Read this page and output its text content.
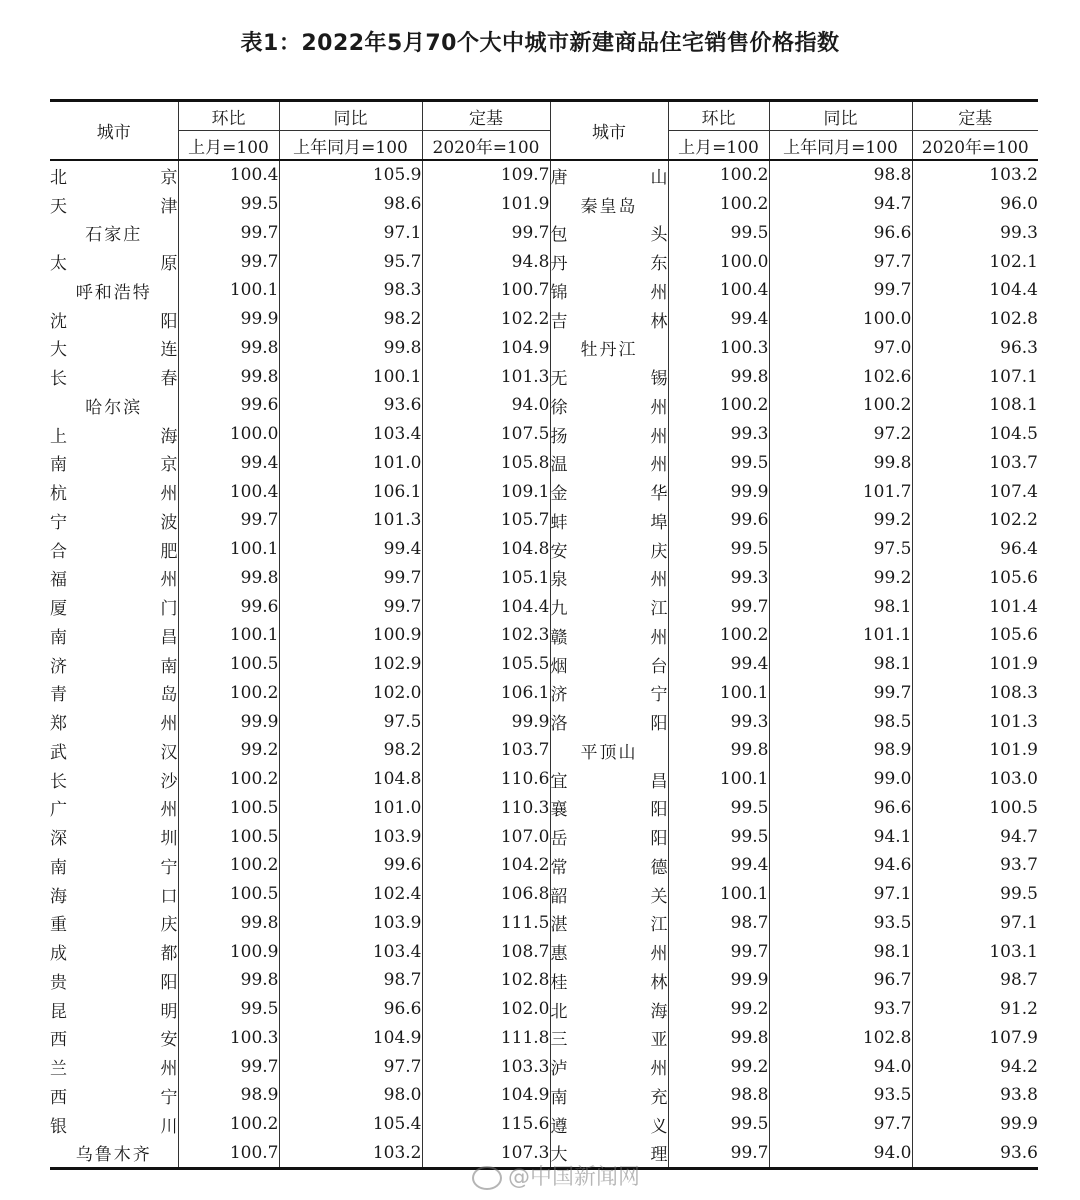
表1：2022年5月70个大中城市新建商品住宅销售价格指数
城市	环比	同比	定基	城市	环比	同比	定基
	上月=100	上年同月=100	2020年=100		上月=100	上年同月=100	2020年=100

北 京	100.4	105.9	109.7	唐 山	100.2	98.8	103.2

天 津	99.5	98.6	101.9	秦皇岛	100.2	94.7	96.0

石家庄	99.7	97.1	99.7	包 头	99.5	96.6	99.3

太 原	99.7	95.7	94.8	丹 东	100.0	97.7	102.1

呼和浩特	100.1	98.3	100.7	锦 州	100.4	99.7	104.4

沈 阳	99.9	98.2	102.2	吉 林	99.4	100.0	102.8

大 连	99.8	99.8	104.9	牡丹江	100.3	97.0	96.3

长 春	99.8	100.1	101.3	无 锡	99.8	102.6	107.1

哈尔滨	99.6	93.6	94.0	徐 州	100.2	100.2	108.1

上 海	100.0	103.4	107.5	扬 州	99.3	97.2	104.5

南 京	99.4	101.0	105.8	温 州	99.5	99.8	103.7

杭 州	100.4	106.1	109.1	金 华	99.9	101.7	107.4

宁 波	99.7	101.3	105.7	蚌 埠	99.6	99.2	102.2

合 肥	100.1	99.4	104.8	安 庆	99.5	97.5	96.4

福 州	99.8	99.7	105.1	泉 州	99.3	99.2	105.6

厦 门	99.6	99.7	104.4	九 江	99.7	98.1	101.4

南 昌	100.1	100.9	102.3	赣 州	100.2	101.1	105.6

济 南	100.5	102.9	105.5	烟 台	99.4	98.1	101.9

青 岛	100.2	102.0	106.1	济 宁	100.1	99.7	108.3

郑 州	99.9	97.5	99.9	洛 阳	99.3	98.5	101.3

武 汉	99.2	98.2	103.7	平顶山	99.8	98.9	101.9

长 沙	100.2	104.8	110.6	宜 昌	100.1	99.0	103.0

广 州	100.5	101.0	110.3	襄 阳	99.5	96.6	100.5

深 圳	100.5	103.9	107.0	岳 阳	99.5	94.1	94.7

南 宁	100.2	99.6	104.2	常 德	99.4	94.6	93.7

海 口	100.5	102.4	106.8	韶 关	100.1	97.1	99.5

重 庆	99.8	103.9	111.5	湛 江	98.7	93.5	97.1

成 都	100.9	103.4	108.7	惠 州	99.7	98.1	103.1

贵 阳	99.8	98.7	102.8	桂 林	99.9	96.7	98.7

昆 明	99.5	96.6	102.0	北 海	99.2	93.7	91.2

西 安	100.3	104.9	111.8	三 亚	99.8	102.8	107.9

兰 州	99.7	97.7	103.3	泸 州	99.2	94.0	94.2

西 宁	98.9	98.0	104.9	南 充	98.8	93.5	93.8

银 川	100.2	105.4	115.6	遵 义	99.5	97.7	99.9

乌鲁木齐	100.7	103.2	107.3	大 理	99.7	94.0	93.6
@中国新闻网
